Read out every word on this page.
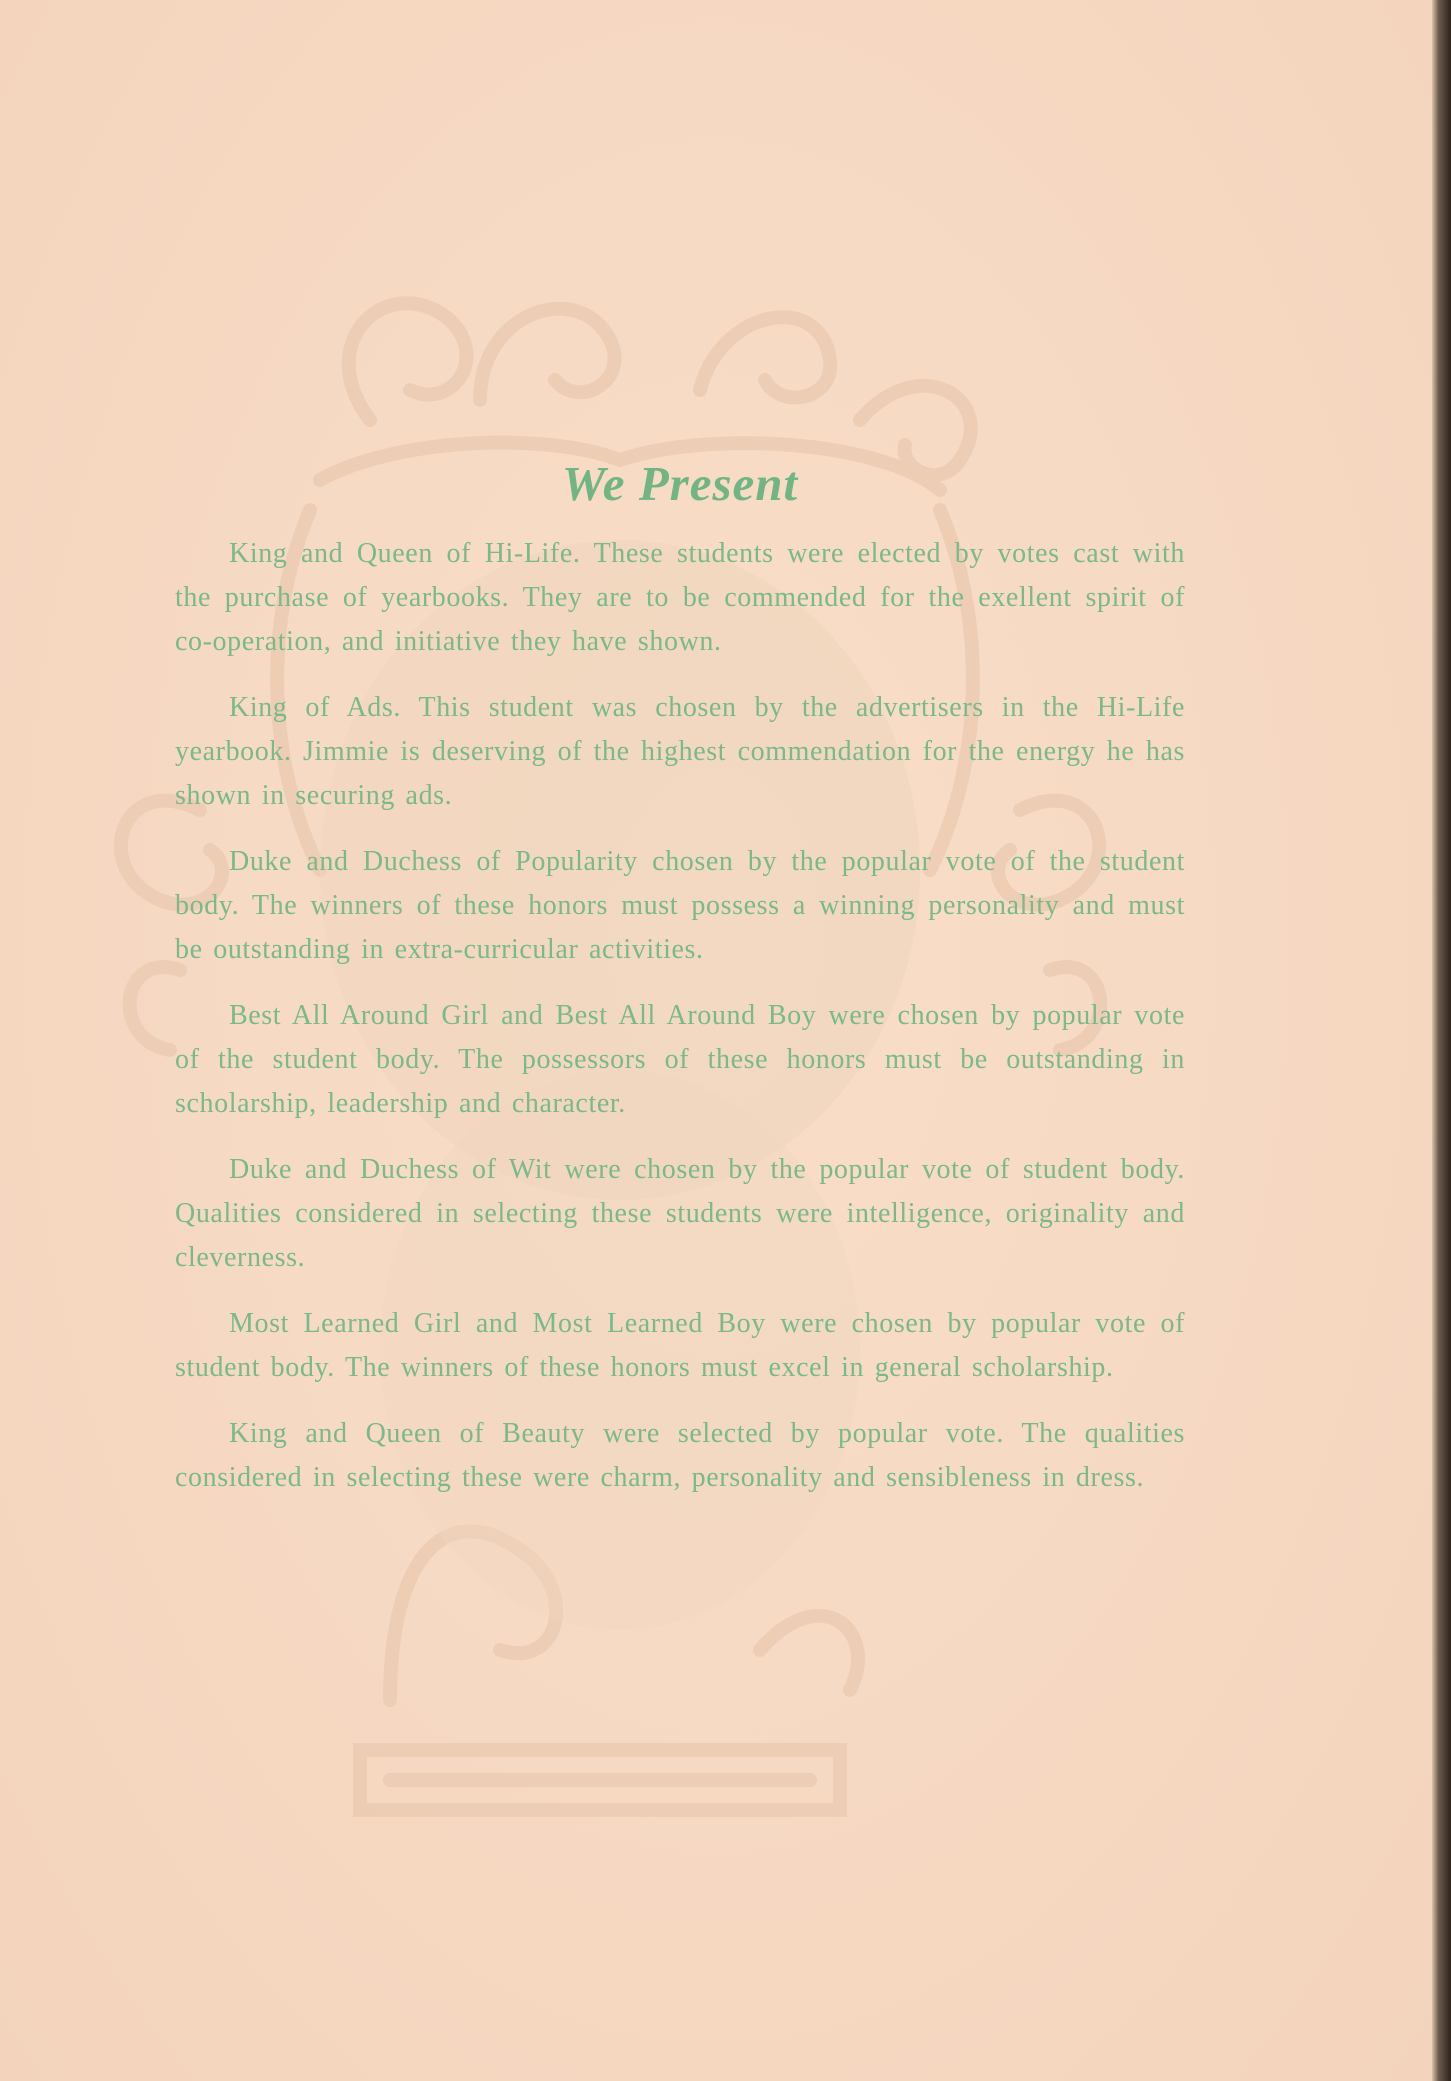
We Present

King and Queen of Hi-Life. These students were elected by votes cast with the purchase of yearbooks. They are to be commended for the exellent spirit of co-operation, and initiative they have shown.

King of Ads. This student was chosen by the advertisers in the Hi-Life yearbook. Jimmie is deserving of the highest commendation for the energy he has shown in securing ads.

Duke and Duchess of Popularity chosen by the popular vote of the student body. The winners of these honors must possess a winning personality and must be outstanding in extra-curricular activities.

Best All Around Girl and Best All Around Boy were chosen by popular vote of the student body. The possessors of these honors must be outstanding in scholarship, leadership and character.

Duke and Duchess of Wit were chosen by the popular vote of student body. Qualities considered in selecting these students were intelligence, originality and cleverness.

Most Learned Girl and Most Learned Boy were chosen by popular vote of student body. The winners of these honors must excel in general scholarship.

King and Queen of Beauty were selected by popular vote. The qualities considered in selecting these were charm, personality and sensibleness in dress.
